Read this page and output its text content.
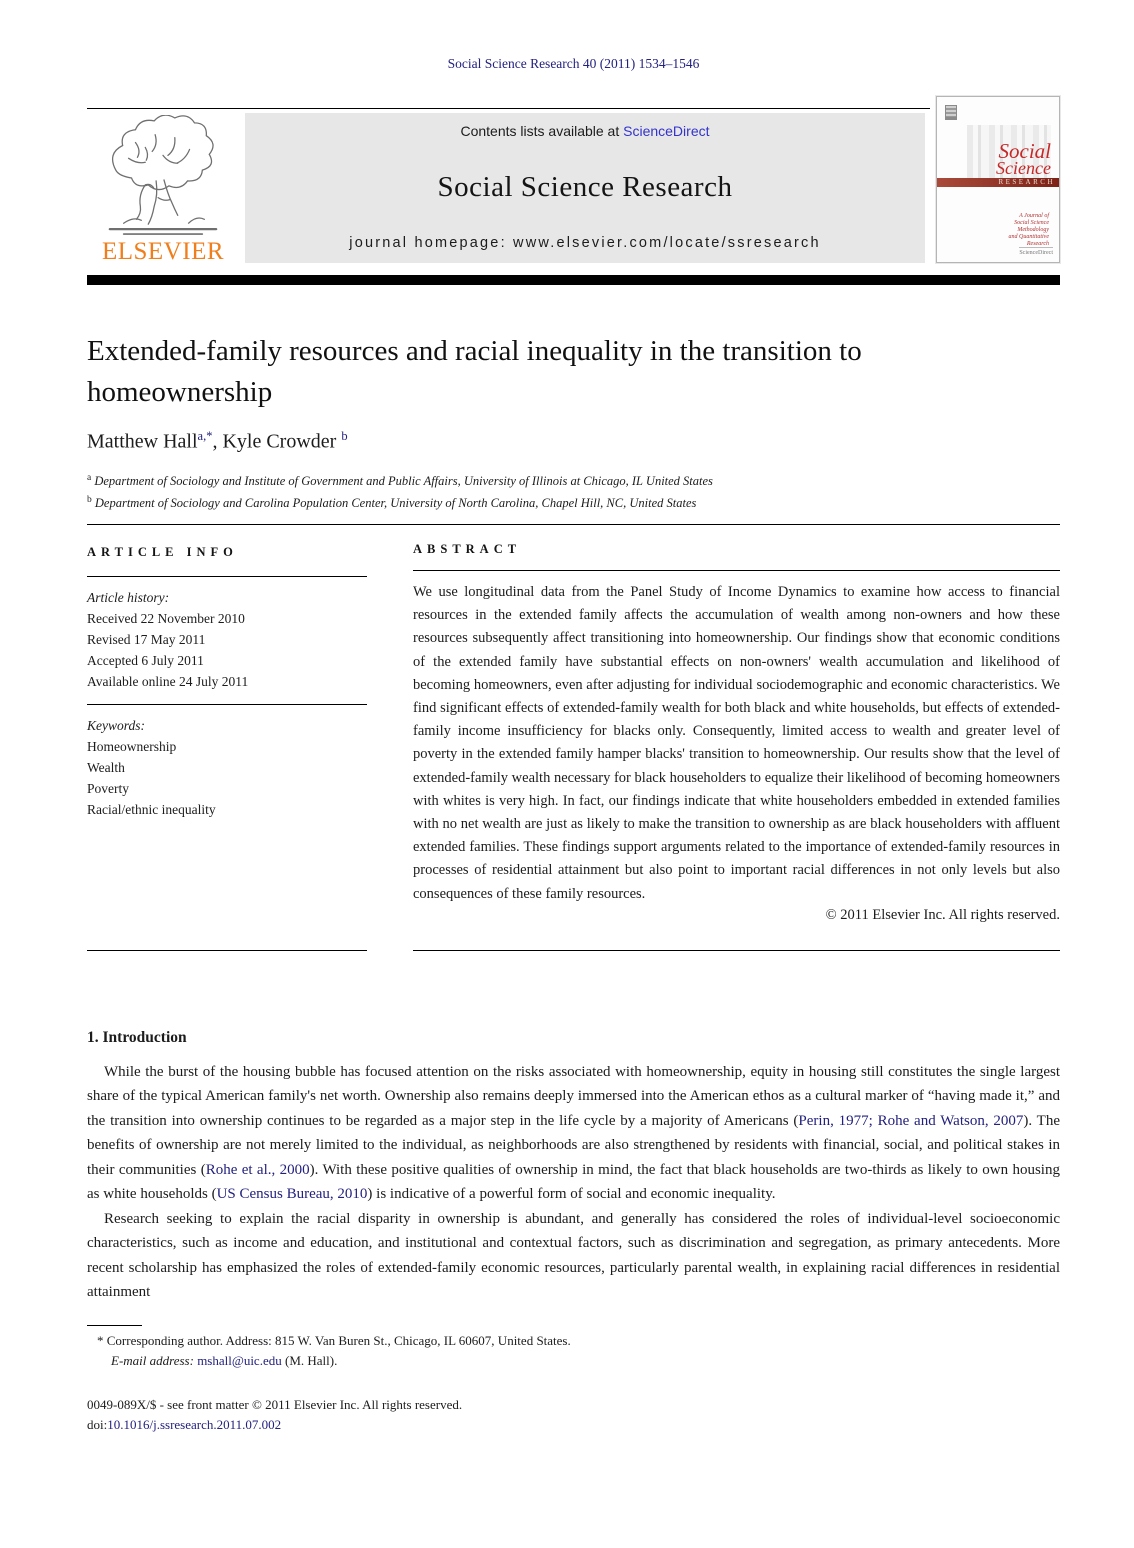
Social Science Research 40 (2011) 1534–1546
ELSEVIER
Contents lists available at ScienceDirect
Social Science Research
journal homepage: www.elsevier.com/locate/ssresearch
Social
Science
RESEARCH
A Journal of
Social Science
Methodology
and Quantitative
Research
ScienceDirect
Extended-family resources and racial inequality in the transition to homeownership
Matthew Hall$^{a,*}$, Kyle Crowder $^b$
$^a$ Department of Sociology and Institute of Government and Public Affairs, University of Illinois at Chicago, IL United States
$^b$ Department of Sociology and Carolina Population Center, University of North Carolina, Chapel Hill, NC, United States
ARTICLE INFO
Article history:
Received 22 November 2010
Revised 17 May 2011
Accepted 6 July 2011
Available online 24 July 2011
Keywords:
Homeownership
Wealth
Poverty
Racial/ethnic inequality
ABSTRACT

We use longitudinal data from the Panel Study of Income Dynamics to examine how access to financial resources in the extended family affects the accumulation of wealth among non-owners and how these resources subsequently affect transitioning into homeownership. Our findings show that economic conditions of the extended family have substantial effects on non-owners' wealth accumulation and likelihood of becoming homeowners, even after adjusting for individual sociodemographic and economic characteristics. We find significant effects of extended-family wealth for both black and white households, but effects of extended-family income insufficiency for blacks only. Consequently, limited access to wealth and greater level of poverty in the extended family hamper blacks' transition to homeownership. Our results show that the level of extended-family wealth necessary for black householders to equalize their likelihood of becoming homeowners with whites is very high. In fact, our findings indicate that white householders embedded in extended families with no net wealth are just as likely to make the transition to ownership as are black householders with affluent extended families. These findings support arguments related to the importance of extended-family resources in processes of residential attainment but also point to important racial differences in not only levels but also consequences of these family resources.

© 2011 Elsevier Inc. All rights reserved.
1. Introduction

While the burst of the housing bubble has focused attention on the risks associated with homeownership, equity in housing still constitutes the single largest share of the typical American family's net worth. Ownership also remains deeply immersed into the American ethos as a cultural marker of “having made it,” and the transition into ownership continues to be regarded as a major step in the life cycle by a majority of Americans (Perin, 1977; Rohe and Watson, 2007). The benefits of ownership are not merely limited to the individual, as neighborhoods are also strengthened by residents with financial, social, and political stakes in their communities (Rohe et al., 2000). With these positive qualities of ownership in mind, the fact that black households are two-thirds as likely to own housing as white households (US Census Bureau, 2010) is indicative of a powerful form of social and economic inequality.

Research seeking to explain the racial disparity in ownership is abundant, and generally has considered the roles of individual-level socioeconomic characteristics, such as income and education, and institutional and contextual factors, such as discrimination and segregation, as primary antecedents. More recent scholarship has emphasized the roles of extended-family economic resources, particularly parental wealth, in explaining racial differences in residential attainment

* Corresponding author. Address: 815 W. Van Buren St., Chicago, IL 60607, United States.
E-mail address: mshall@uic.edu (M. Hall).
0049-089X/$ - see front matter © 2011 Elsevier Inc. All rights reserved.
doi:10.1016/j.ssresearch.2011.07.002
